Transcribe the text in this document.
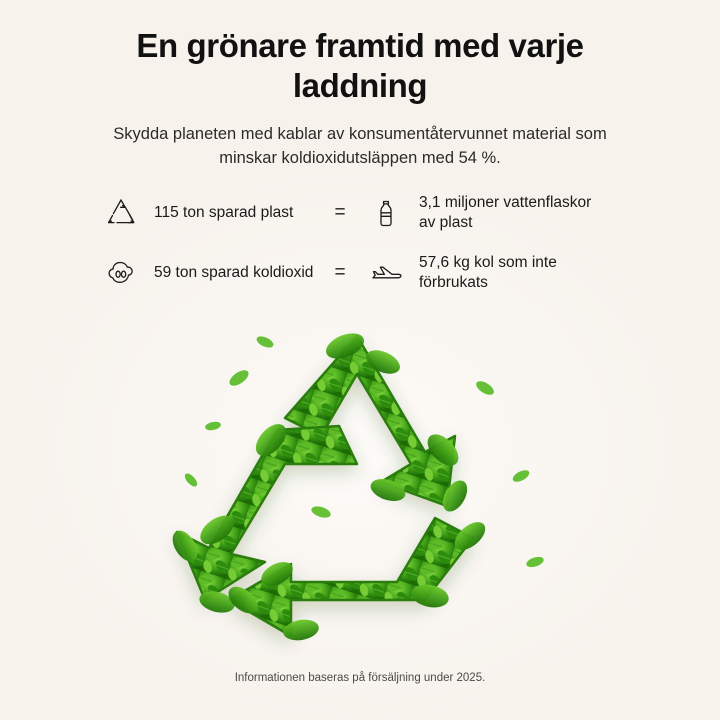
En grönare framtid med varje laddning
Skydda planeten med kablar av konsumentåtervunnet material som minskar koldioxidutsläppen med 54 %.
115 ton sparad plast	=	3,1 miljoner vattenflaskor av plast
59 ton sparad koldioxid	=	57,6 kg kol som inte förbrukats
Informationen baseras på försäljning under 2025.
